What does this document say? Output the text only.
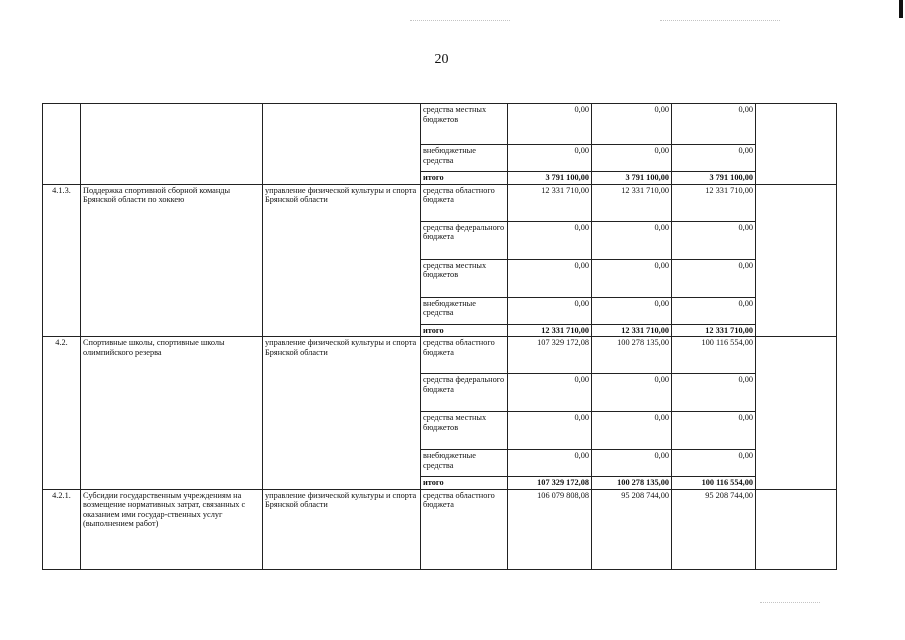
20
			средства местных бюджетов	0,00	0,00	0,00	
			внебюджетные средства	0,00	0,00	0,00	
			итого	3 791 100,00	3 791 100,00	3 791 100,00	
4.1.3.	Поддержка спортивной сборной команды Брянской области по хоккею	управление физической культуры и спорта Брянской области	средства областного бюджета	12 331 710,00	12 331 710,00	12 331 710,00	
			средства федерального бюджета	0,00	0,00	0,00	
			средства местных бюджетов	0,00	0,00	0,00	
			внебюджетные средства	0,00	0,00	0,00	
			итого	12 331 710,00	12 331 710,00	12 331 710,00	
4.2.	Спортивные школы, спортивные школы олимпийского резерва	управление физической культуры и спорта Брянской области	средства областного бюджета	107 329 172,08	100 278 135,00	100 116 554,00	
			средства федерального бюджета	0,00	0,00	0,00	
			средства местных бюджетов	0,00	0,00	0,00	
			внебюджетные средства	0,00	0,00	0,00	
			итого	107 329 172,08	100 278 135,00	100 116 554,00	
4.2.1.	Субсидии государственным учреждениям на возмещение нормативных затрат, связанных с оказанием ими государ-ственных услуг (выполнением работ)	управление физической культуры и спорта Брянской области	средства областного бюджета	106 079 808,08	95 208 744,00	95 208 744,00	
